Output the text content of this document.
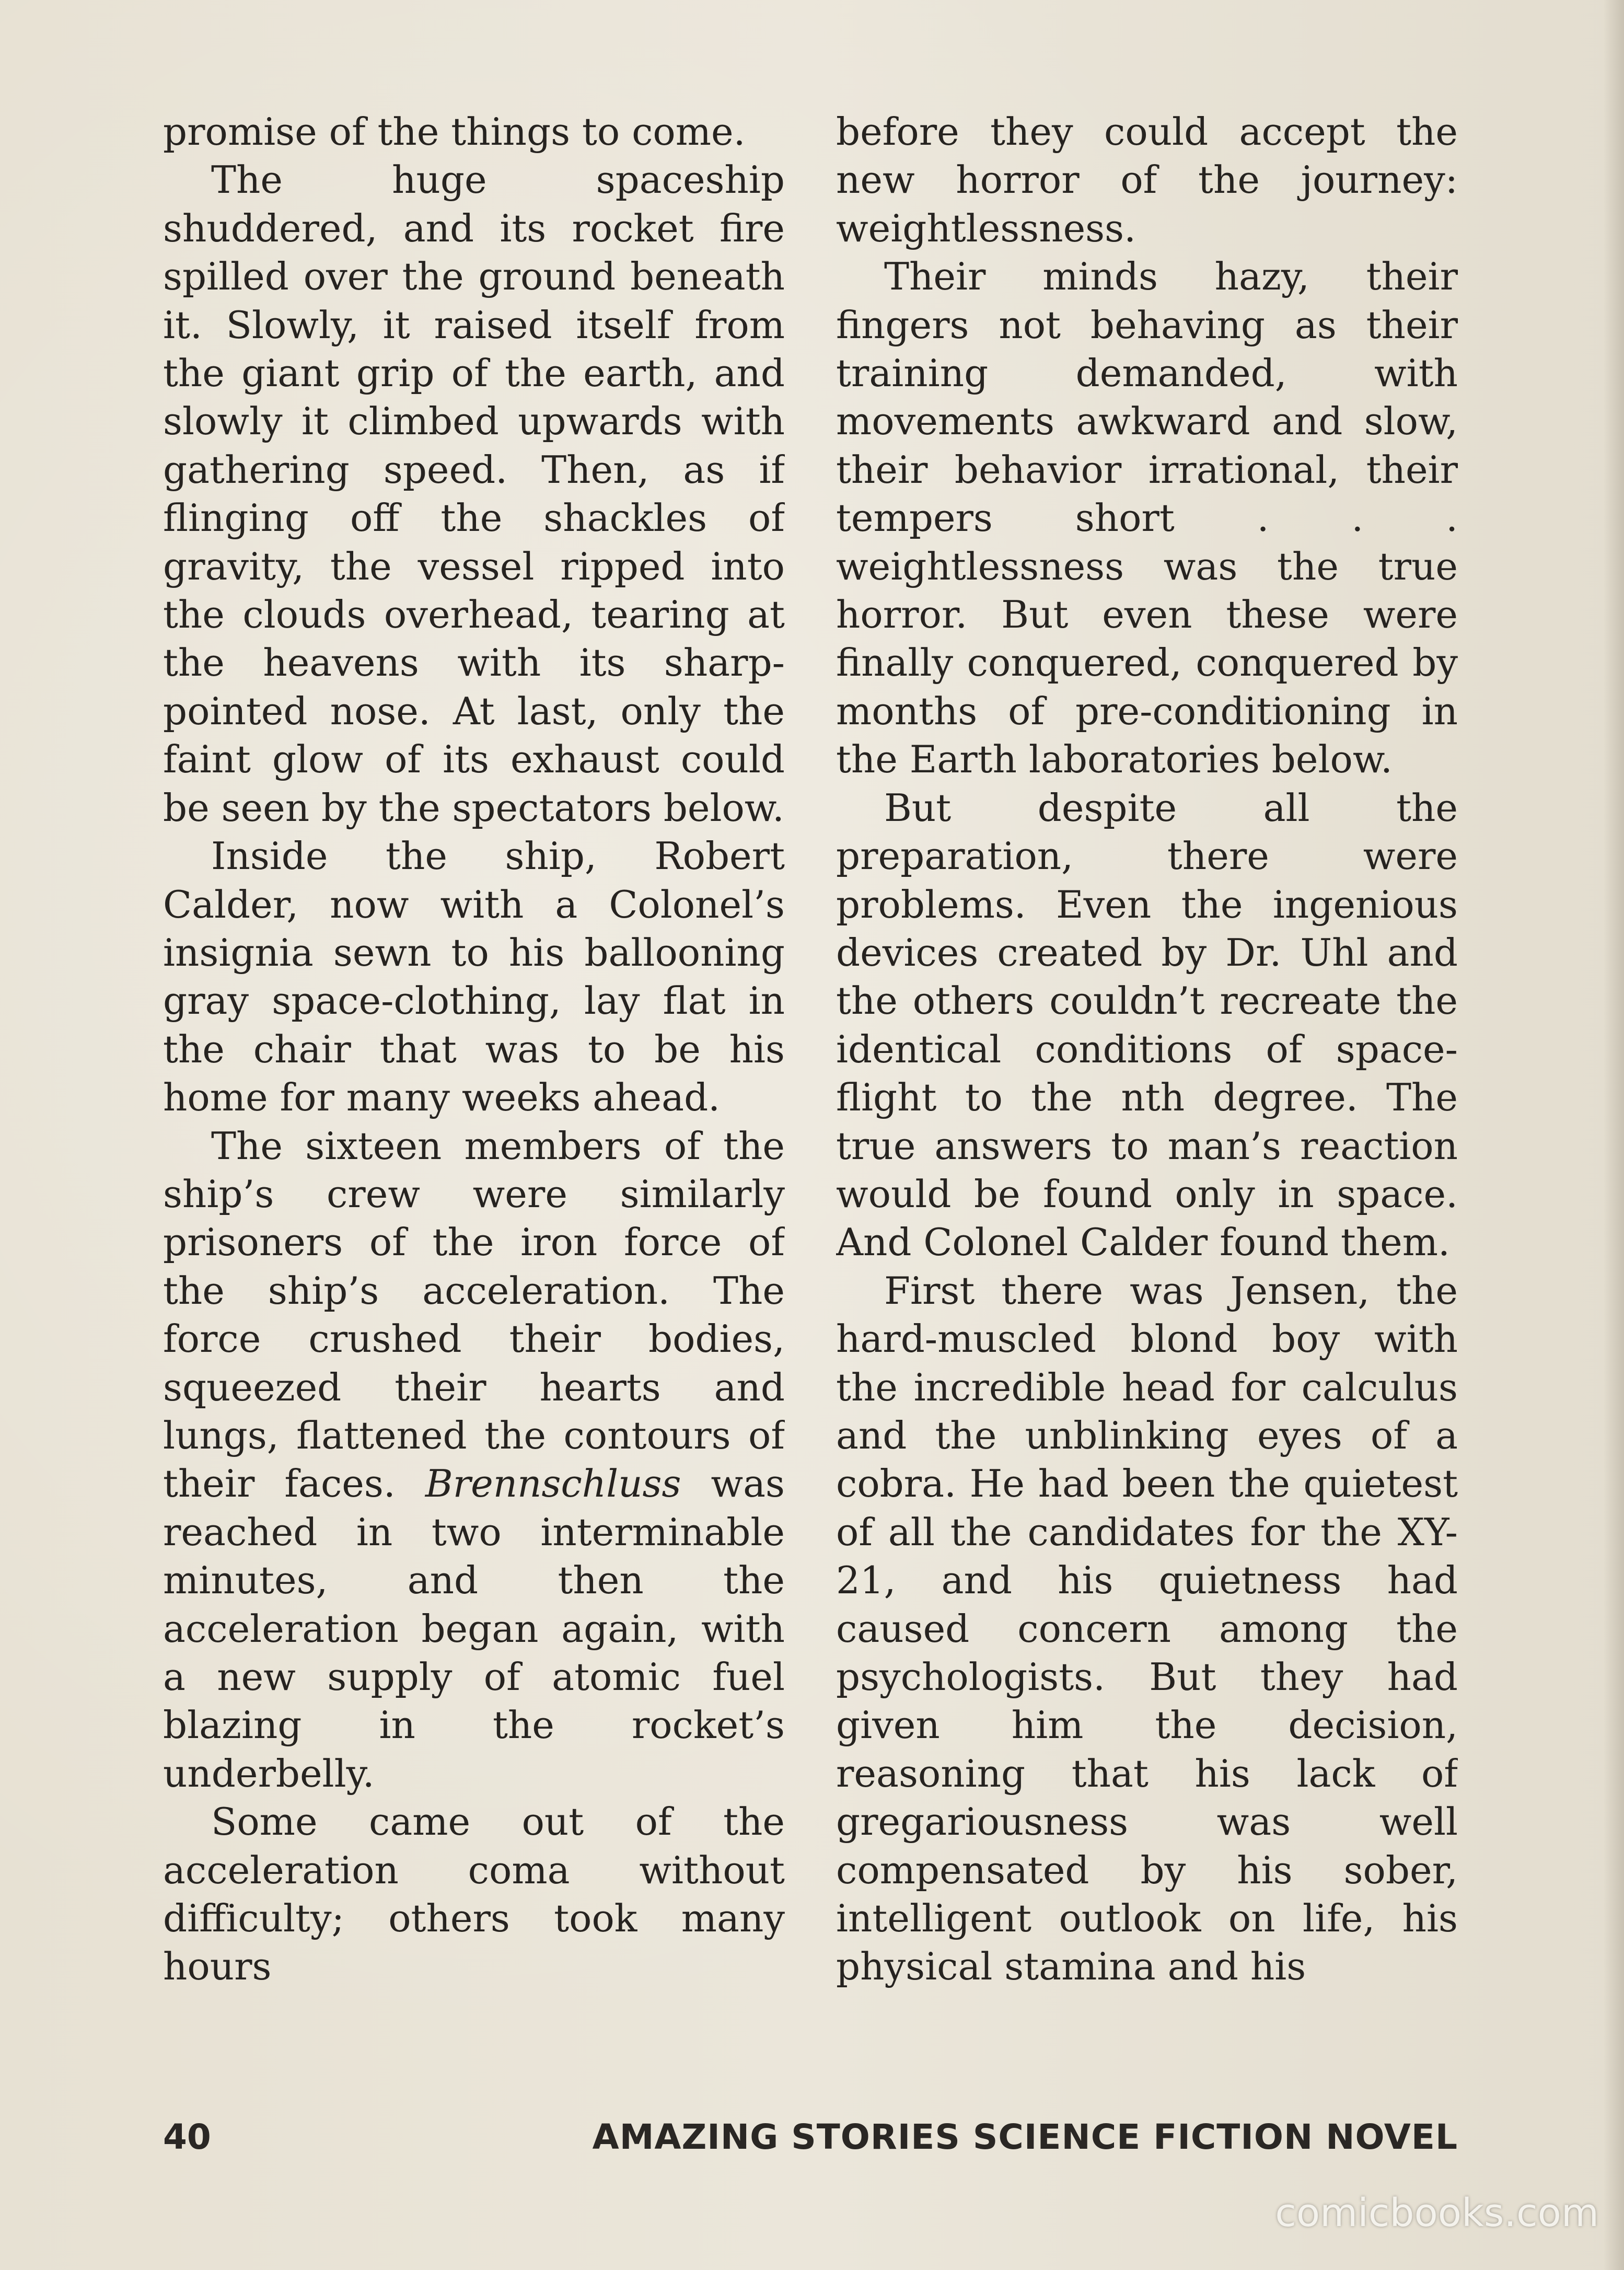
promise of the things to come.

The huge spaceship shuddered, and its rocket fire spilled over the ground beneath it. Slowly, it raised itself from the giant grip of the earth, and slowly it climbed upwards with gathering speed. Then, as if flinging off the shackles of gravity, the vessel ripped into the clouds overhead, tearing at the heavens with its sharp-pointed nose. At last, only the faint glow of its exhaust could be seen by the spectators below.

Inside the ship, Robert Calder, now with a Colonel’s insignia sewn to his ballooning gray space-clothing, lay flat in the chair that was to be his home for many weeks ahead.

The sixteen members of the ship’s crew were similarly prisoners of the iron force of the ship’s acceleration. The force crushed their bodies, squeezed their hearts and lungs, flattened the contours of their faces. Brennschluss was reached in two interminable minutes, and then the acceleration began again, with a new supply of atomic fuel blazing in the rocket’s underbelly.

Some came out of the acceleration coma without difficulty; others took many hours

before they could accept the new horror of the journey: weightlessness.

Their minds hazy, their fingers not behaving as their training demanded, with movements awkward and slow, their behavior irrational, their tempers short . . . weightlessness was the true horror. But even these were finally conquered, conquered by months of pre-conditioning in the Earth laboratories below.

But despite all the preparation, there were problems. Even the ingenious devices created by Dr. Uhl and the others couldn’t recreate the identical conditions of space-flight to the nth degree. The true answers to man’s reaction would be found only in space. And Colonel Calder found them.

First there was Jensen, the hard-muscled blond boy with the incredible head for calculus and the unblinking eyes of a cobra. He had been the quietest of all the candidates for the XY-21, and his quietness had caused concern among the psychologists. But they had given him the decision, reasoning that his lack of gregariousness was well compensated by his sober, intelligent outlook on life, his physical stamina and his

40	AMAZING STORIES SCIENCE FICTION NOVEL
comicbooks.com
